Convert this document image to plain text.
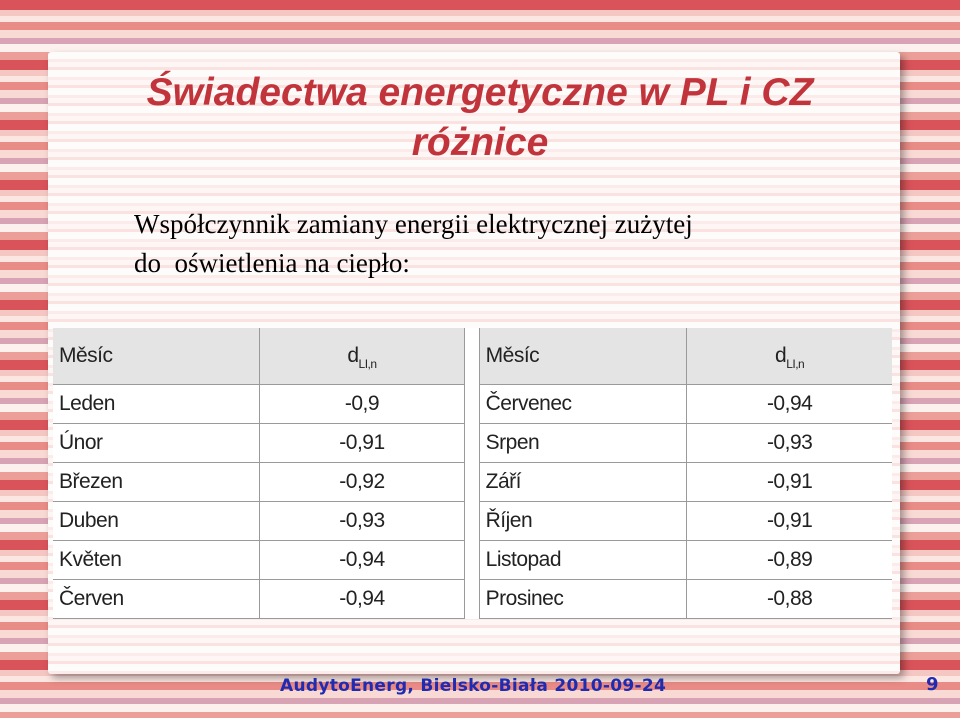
Świadectwa energetyczne w PL i CZ
różnice
Współczynnik zamiany energii elektrycznej zużytej
do  oświetlenia na ciepło:
Měsíc	$d_{LI,n}$		Měsíc	$d_{LI,n}$
Leden	-0,9		Červenec	-0,94
Únor	-0,91		Srpen	-0,93
Březen	-0,92		Září	-0,91
Duben	-0,93		Říjen	-0,91
Květen	-0,94		Listopad	-0,89
Červen	-0,94		Prosinec	-0,88
AudytoEnerg, Bielsko-Biała 2010-09-24	9
